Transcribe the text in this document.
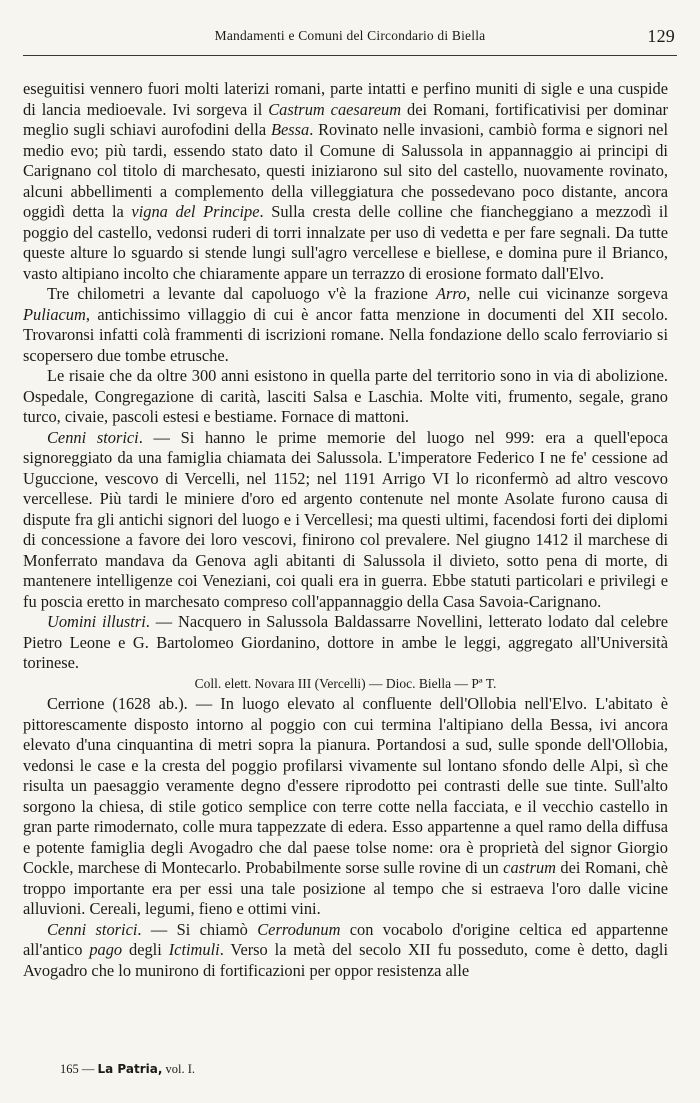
Mandamenti e Comuni del Circondario di Biella	129

eseguitisi vennero fuori molti laterizi romani, parte intatti e perfino muniti di sigle e una cuspide di lancia medioevale. Ivi sorgeva il Castrum caesareum dei Romani, fortificativisi per dominar meglio sugli schiavi aurofodini della Bessa. Rovinato nelle invasioni, cambiò forma e signori nel medio evo; più tardi, essendo stato dato il Comune di Salussola in appannaggio ai principi di Carignano col titolo di marchesato, questi iniziarono sul sito del castello, nuovamente rovinato, alcuni abbellimenti a complemento della villeggiatura che possedevano poco distante, ancora oggidì detta la vigna del Principe. Sulla cresta delle colline che fiancheggiano a mezzodì il poggio del castello, vedonsi ruderi di torri innalzate per uso di vedetta e per fare segnali. Da tutte queste alture lo sguardo si stende lungi sull'agro vercellese e biellese, e domina pure il Brianco, vasto altipiano incolto che chiaramente appare un terrazzo di erosione formato dall'Elvo.

Tre chilometri a levante dal capoluogo v'è la frazione Arro, nelle cui vicinanze sorgeva Puliacum, antichissimo villaggio di cui è ancor fatta menzione in documenti del XII secolo. Trovaronsi infatti colà frammenti di iscrizioni romane. Nella fondazione dello scalo ferroviario si scopersero due tombe etrusche.

Le risaie che da oltre 300 anni esistono in quella parte del territorio sono in via di abolizione. Ospedale, Congregazione di carità, lasciti Salsa e Laschia. Molte viti, frumento, segale, grano turco, civaie, pascoli estesi e bestiame. Fornace di mattoni.

Cenni storici. — Si hanno le prime memorie del luogo nel 999: era a quell'epoca signoreggiato da una famiglia chiamata dei Salussola. L'imperatore Federico I ne fe' cessione ad Uguccione, vescovo di Vercelli, nel 1152; nel 1191 Arrigo VI lo riconfermò ad altro vescovo vercellese. Più tardi le miniere d'oro ed argento contenute nel monte Asolate furono causa di dispute fra gli antichi signori del luogo e i Vercellesi; ma questi ultimi, facendosi forti dei diplomi di concessione a favore dei loro vescovi, finirono col prevalere. Nel giugno 1412 il marchese di Monferrato mandava da Genova agli abitanti di Salussola il divieto, sotto pena di morte, di mantenere intelligenze coi Veneziani, coi quali era in guerra. Ebbe statuti particolari e privilegi e fu poscia eretto in marchesato compreso coll'appannaggio della Casa Savoia-Carignano.

Uomini illustri. — Nacquero in Salussola Baldassarre Novellini, letterato lodato dal celebre Pietro Leone e G. Bartolomeo Giordanino, dottore in ambe le leggi, aggregato all'Università torinese.

Coll. elett. Novara III (Vercelli) — Dioc. Biella — Pª T.

Cerrione (1628 ab.). — In luogo elevato al confluente dell'Ollobia nell'Elvo. L'abitato è pittorescamente disposto intorno al poggio con cui termina l'altipiano della Bessa, ivi ancora elevato d'una cinquantina di metri sopra la pianura. Portandosi a sud, sulle sponde dell'Ollobia, vedonsi le case e la cresta del poggio profilarsi vivamente sul lontano sfondo delle Alpi, sì che risulta un paesaggio veramente degno d'essere riprodotto pei contrasti delle sue tinte. Sull'alto sorgono la chiesa, di stile gotico semplice con terre cotte nella facciata, e il vecchio castello in gran parte rimodernato, colle mura tappezzate di edera. Esso appartenne a quel ramo della diffusa e potente famiglia degli Avogadro che dal paese tolse nome: ora è proprietà del signor Giorgio Cockle, marchese di Montecarlo. Probabilmente sorse sulle rovine di un castrum dei Romani, chè troppo importante era per essi una tale posizione al tempo che si estraeva l'oro dalle vicine alluvioni. Cereali, legumi, fieno e ottimi vini.

Cenni storici. — Si chiamò Cerrodunum con vocabolo d'origine celtica ed appartenne all'antico pago degli Ictimuli. Verso la metà del secolo XII fu posseduto, come è detto, dagli Avogadro che lo munirono di fortificazioni per oppor resistenza alle

165 — La Patria, vol. I.
